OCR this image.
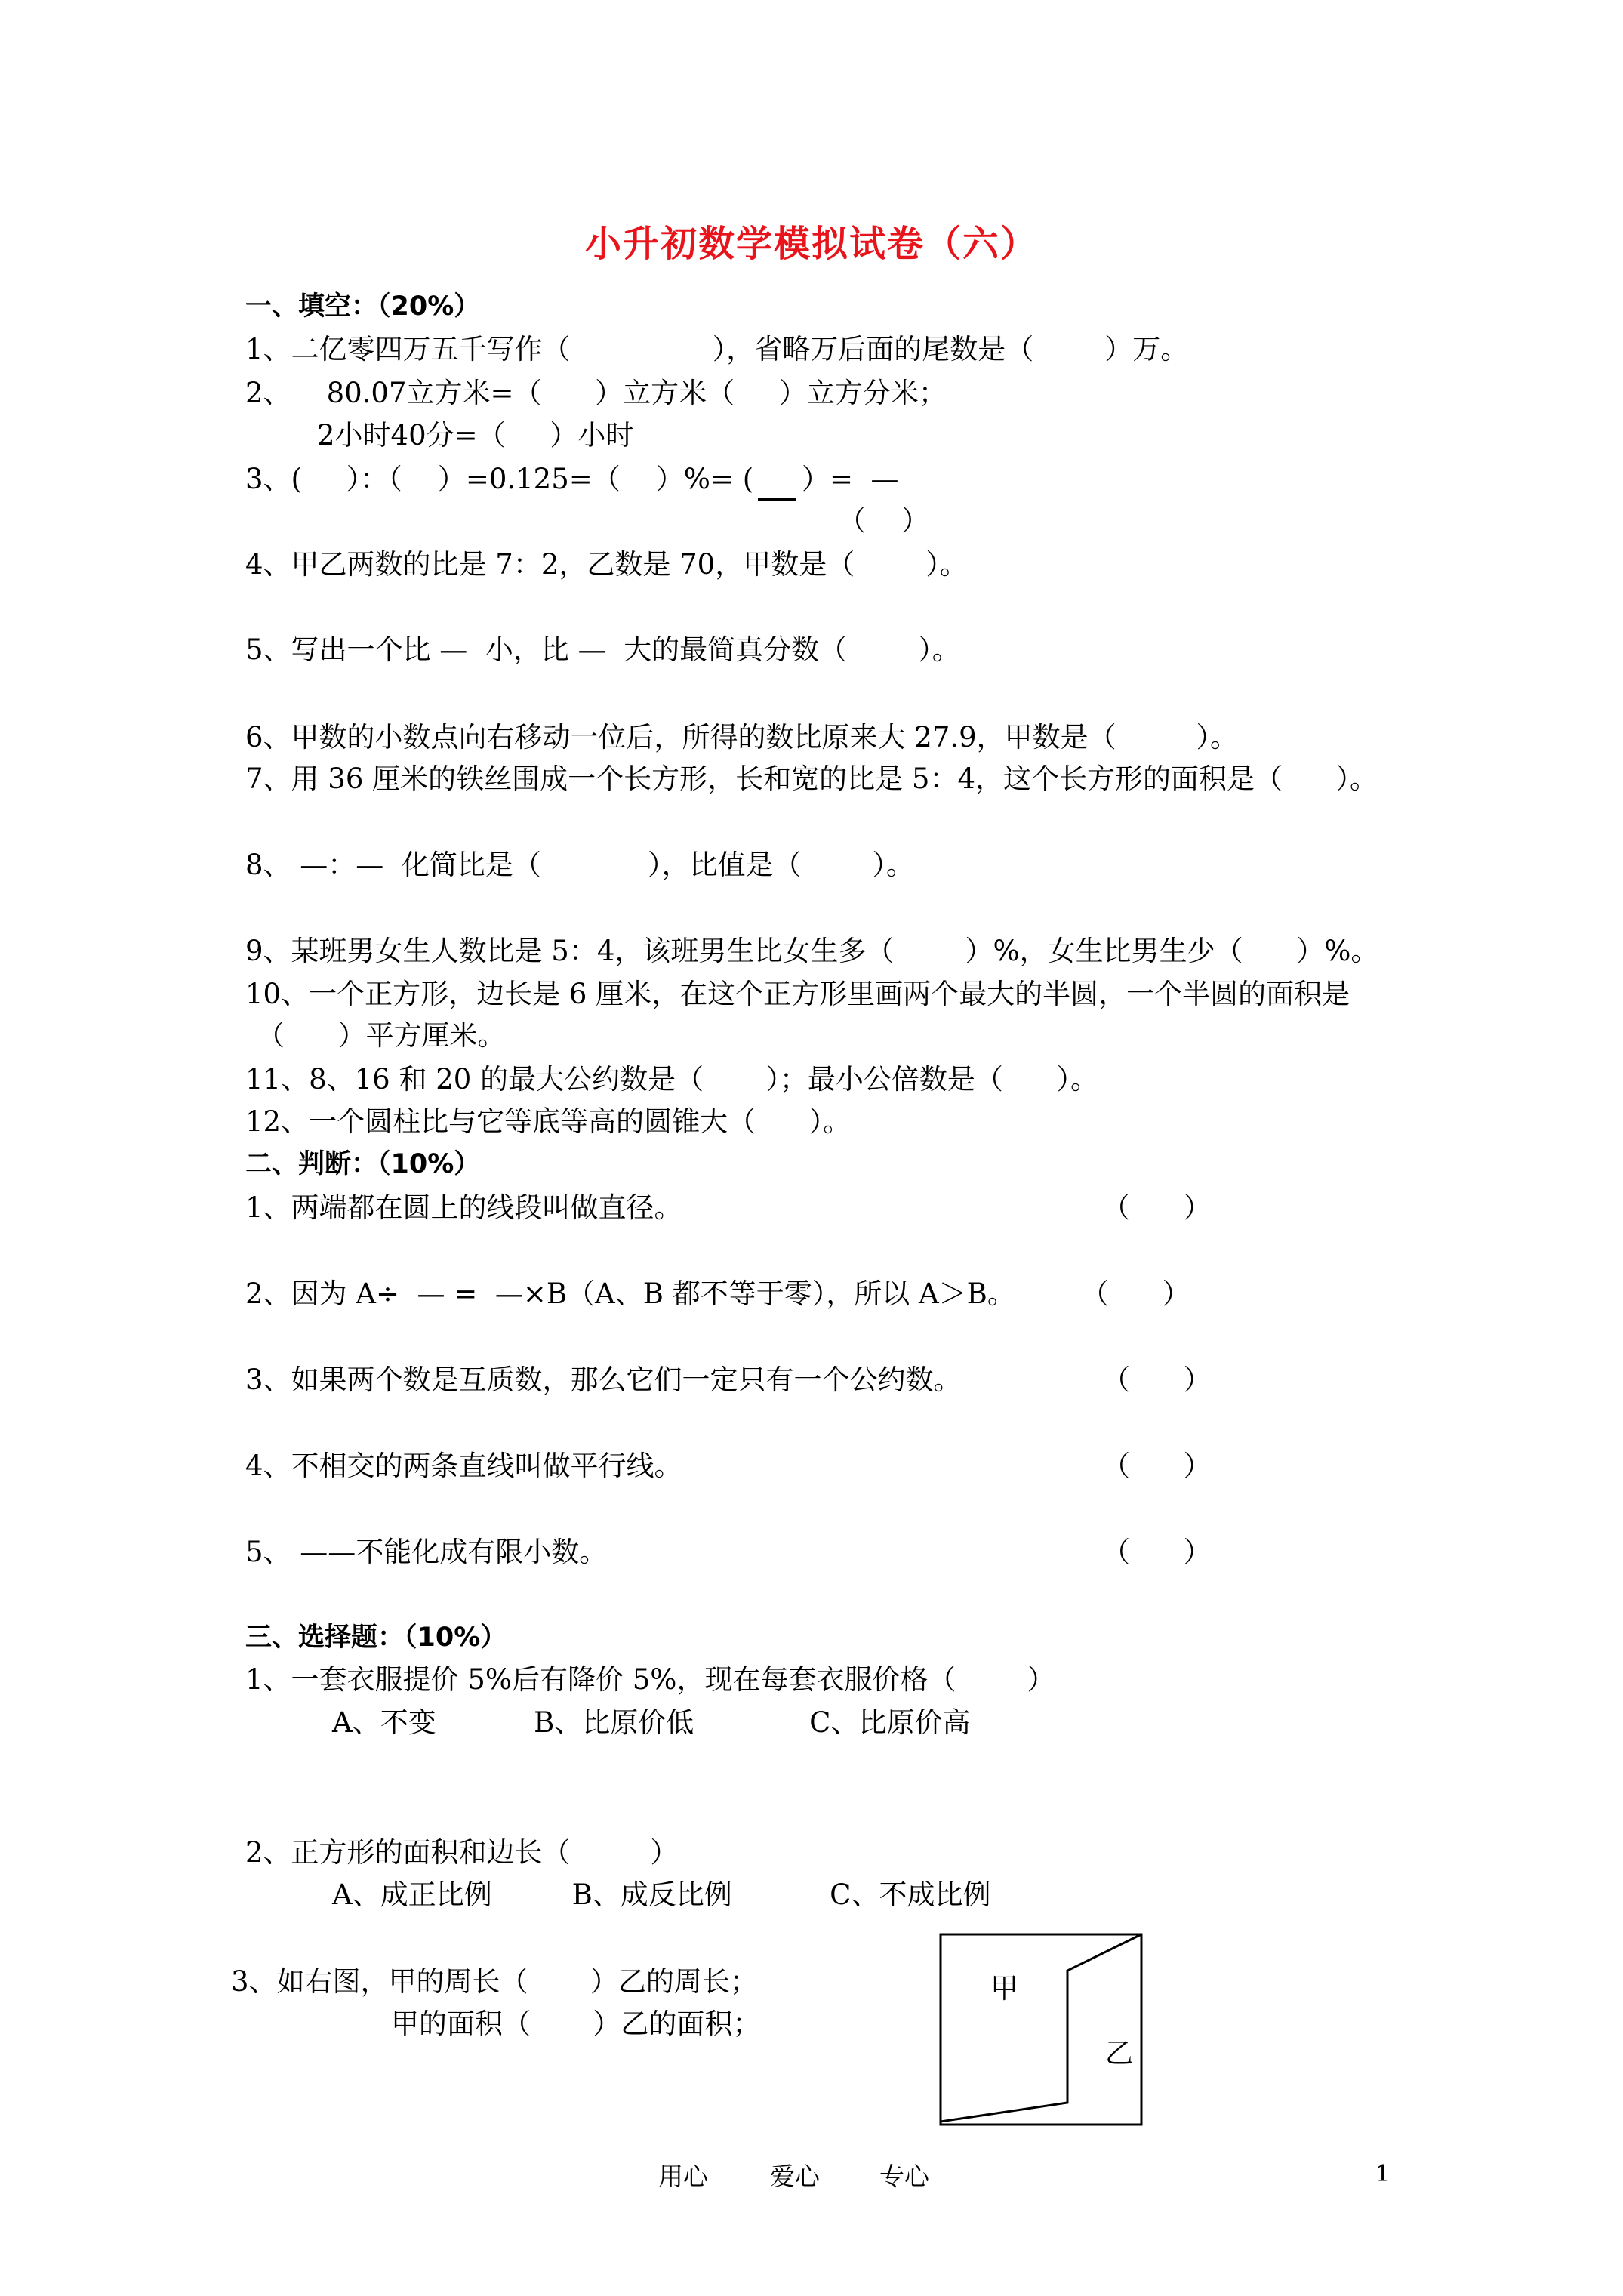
小升初数学模拟试卷（六）
一、填空：（20%）
1、二亿零四万五千写作（                ），省略万后面的尾数是（        ）万。
2、    80.07立方米=（      ）立方米（     ）立方分米；
2小时40分=（     ）小时
3、(     ）：（    ）=0.125=（    ）%= ( ）=  —
（    ）
4、甲乙两数的比是 7：2，乙数是 70，甲数是（        ）。
5、写出一个比 —  小，比 —  大的最简真分数（        ）。
6、甲数的小数点向右移动一位后，所得的数比原来大 27.9，甲数是（         ）。
7、用 36 厘米的铁丝围成一个长方形，长和宽的比是 5：4，这个长方形的面积是（      ）。
8、 —：—  化简比是（            ），比值是（        ）。
9、某班男女生人数比是 5：4，该班男生比女生多（        ）%，女生比男生少（      ）%。
10、一个正方形，边长是 6 厘米，在这个正方形里画两个最大的半圆，一个半圆的面积是
（      ）平方厘米。
11、8、16 和 20 的最大公约数是（       ）；最小公倍数是（      ）。
12、一个圆柱比与它等底等高的圆锥大（      ）。
二、判断：（10%）
1、两端都在圆上的线段叫做直径。	（      ）
2、因为 A÷  — =  —×B（A、B 都不等于零），所以 A＞B。 （      ）
3、如果两个数是互质数，那么它们一定只有一个公约数。	（      ）
4、不相交的两条直线叫做平行线。	（      ）
5、 ——不能化成有限小数。	（      ）
三、选择题：（10%）
1、一套衣服提价 5%后有降价 5%，现在每套衣服价格（        ）
A、不变           B、比原价低             C、比原价高
2、正方形的面积和边长（         ）
A、成正比例         B、成反比例           C、不成比例
3、如右图，甲的周长（       ）乙的周长；
甲的面积（       ）乙的面积；
甲
乙
用心 爱心 专心	1
